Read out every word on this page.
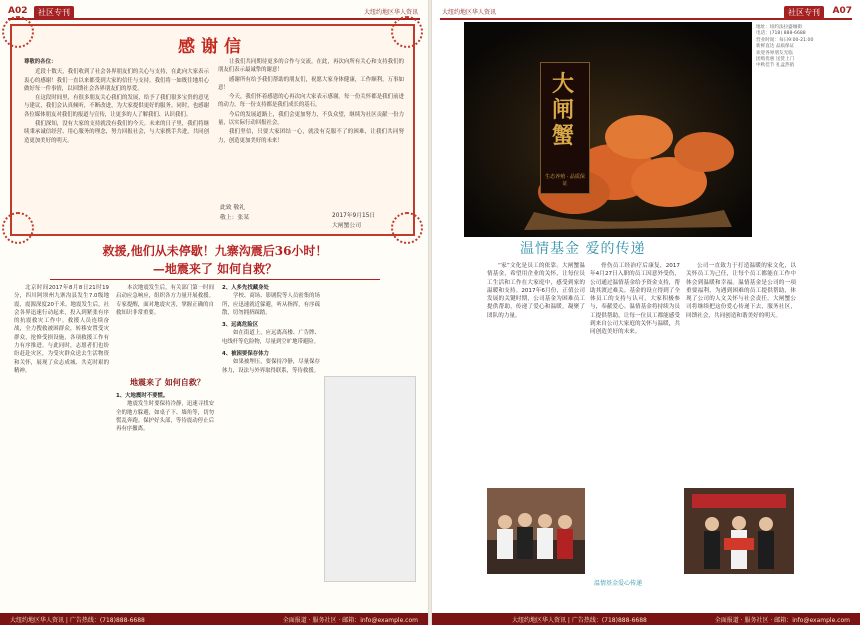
A02	社区专刊	大纽约地区华人资讯
感谢信
尊敬的各位：

近段十数天，我们收到了社会各界朋友们的关心与支持，在此向大家表示衷心的感谢！我们一直以来都受到大家的信任与支持，我们将一如既往地用心做好每一件事情，以回馈社会各界朋友们的厚爱。

在这段时间里，有很多朋友关心我们的发展，给予了我们很多宝贵的意见与建议，我们会认真倾听，不断改进，为大家提供更好的服务。同时，也感谢各位媒体朋友对我们的报道与宣传，让更多的人了解我们、认识我们。

我们深知，没有大家的支持就没有我们的今天。未来的日子里，我们将继续秉承诚信经营、用心服务的理念，努力回报社会，与大家携手共进，共同创造更加美好的明天。

让我们共同期待更多的合作与交流。在此，再次向所有关心和支持我们的朋友们表示最诚挚的谢意！

感谢所有给予我们帮助的朋友们，祝愿大家身体健康，工作顺利，万事如意！

今天，我们怀着感恩的心再次向大家表示感谢。每一份关怀都是我们前进的动力，每一份支持都是我们成长的基石。

今后的发展道路上，我们会更加努力，不负众望，继续为社区贡献一份力量，以实际行动回报社会。

我们坚信，只要大家团结一心，就没有克服不了的困难，让我们共同努力，创造更加美好的未来！

此致 敬礼
敬上：张某	2017年9月15日
大闸蟹公司
救援,他们从未停歇！九寨沟震后36小时！
—地震来了 如何自救？

北京时间2017年8月8日21时19分，四川阿坝州九寨沟县发生7.0级地震，震源深度20千米。地震发生后，社会各界迅速行动起来，投入到紧张有序的抗震救灾工作中。救援人员连续奋战，全力搜救被困群众，转移安置受灾群众，抢修受损设施，各项救援工作有力有序推进。与此同时，志愿者们也纷纷赶赴灾区，为受灾群众送去生活物资和关怀，展现了众志成城、共克时艰的精神。

本次地震发生后，有关部门第一时间启动应急响应，组织各方力量开展救援。专家提醒，面对地震灾害，掌握正确的自救知识非常重要。

地震来了 如何自救？
1、大地震时不要慌。

地震发生时要保持冷静，迅速寻找安全的地方躲避，如桌子下、墙角等，切勿慌乱奔跑。保护好头部，等待震动停止后再有序撤离。

2、人多先找藏身处

学校、商场、影剧院等人员密集的场所，应迅速就近躲避，听从指挥，有序疏散，切勿拥挤踩踏。

3、远离危险区

如在街道上，应远离高楼、广告牌、电线杆等危险物，尽量到空旷地带避险。

4、被困要保存体力

如果被埋压，要保持冷静，尽量保存体力，设法与外界取得联系，等待救援。

大纽约地区华人资讯 | 广告热线：(718)888-6688	全面报道 · 服务社区 · 邮箱：info@example.com
大纽约地区华人资讯	社区专刊	A07
大闸蟹
生态养殖 · 品质保证
地址：纽约法拉盛缅街
电话：(718) 888-6688
营业时间：每日9:00-21:00
新鲜直达 品质保证
欢迎各界朋友光临
团购优惠 送货上门
中秋佳节 礼盒热销
温情基金 爱的传递

“家”文化是员工的依靠。大闸蟹温情基金，希望用企业的关怀，让每位员工生活和工作在大家庭中，感受到家的温暖和支持。2017年6月份，正值公司发展的关键时期，公司基金为困难员工提供帮助，传递了爱心和温暖，凝聚了团队的力量。

骨伤员工经治疗后康复，2017年4月27日入职的员工因意外受伤，公司通过温情基金给予资金支持，帮助其渡过难关。基金的设立得到了全体员工的支持与认可，大家积极参与，奉献爱心。温情基金将持续为员工提供帮助，让每一位员工都能感受到来自公司大家庭的关怀与温暖，共同创造美好的未来。

公司一直致力于打造温暖的家文化，以关怀员工为己任，让每个员工都能在工作中体会到温暖和幸福。温情基金是公司的一项重要福利，为遇到困难的员工提供帮助，体现了公司的人文关怀与社会责任。大闸蟹公司将继续把这份爱心传递下去，服务社区，回馈社会，共同创造和谐美好的明天。

温情基金爱心传递
大纽约地区华人资讯 | 广告热线：(718)888-6688	全面报道 · 服务社区 · 邮箱：info@example.com
